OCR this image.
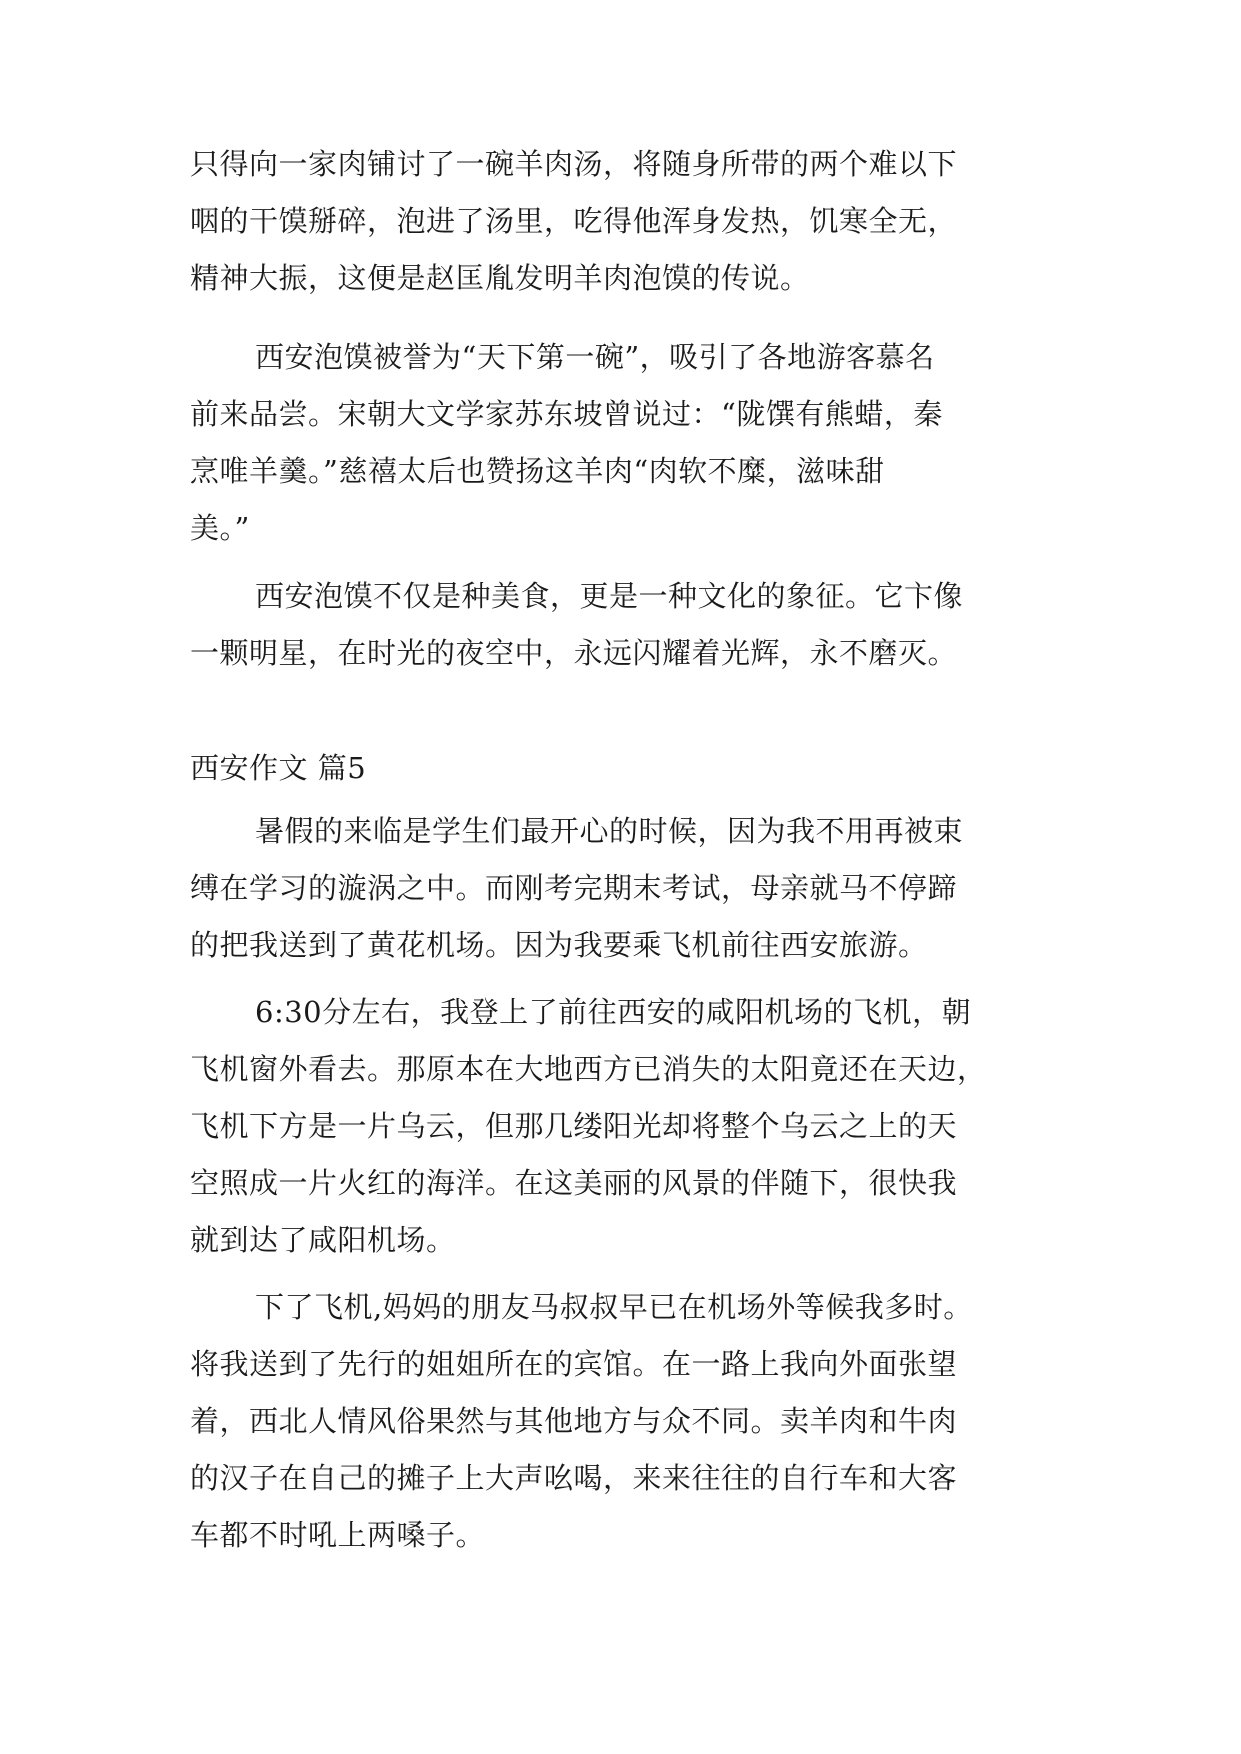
只得向一家肉铺讨了一碗羊肉汤，将随身所带的两个难以下
咽的干馍掰碎，泡进了汤里，吃得他浑身发热，饥寒全无，
精神大振，这便是赵匡胤发明羊肉泡馍的传说。
西安泡馍被誉为“天下第一碗”，吸引了各地游客慕名
前来品尝。宋朝大文学家苏东坡曾说过：“陇馔有熊蜡，秦
烹唯羊羹。”慈禧太后也赞扬这羊肉“肉软不糜，滋味甜
美。”
西安泡馍不仅是种美食，更是一种文化的象征。它卞像
一颗明星，在时光的夜空中，永远闪耀着光辉，永不磨灭。
西安作文 篇5
暑假的来临是学生们最开心的时候，因为我不用再被束
缚在学习的漩涡之中。而刚考完期末考试，母亲就马不停蹄
的把我送到了黄花机场。因为我要乘飞机前往西安旅游。
6:30分左右，我登上了前往西安的咸阳机场的飞机，朝
飞机窗外看去。那原本在大地西方已消失的太阳竟还在天边，
飞机下方是一片乌云，但那几缕阳光却将整个乌云之上的天
空照成一片火红的海洋。在这美丽的风景的伴随下，很快我
就到达了咸阳机场。
下了飞机,妈妈的朋友马叔叔早已在机场外等候我多时。
将我送到了先行的姐姐所在的宾馆。在一路上我向外面张望
着，西北人情风俗果然与其他地方与众不同。卖羊肉和牛肉
的汉子在自己的摊子上大声吆喝，来来往往的自行车和大客
车都不时吼上两嗓子。
